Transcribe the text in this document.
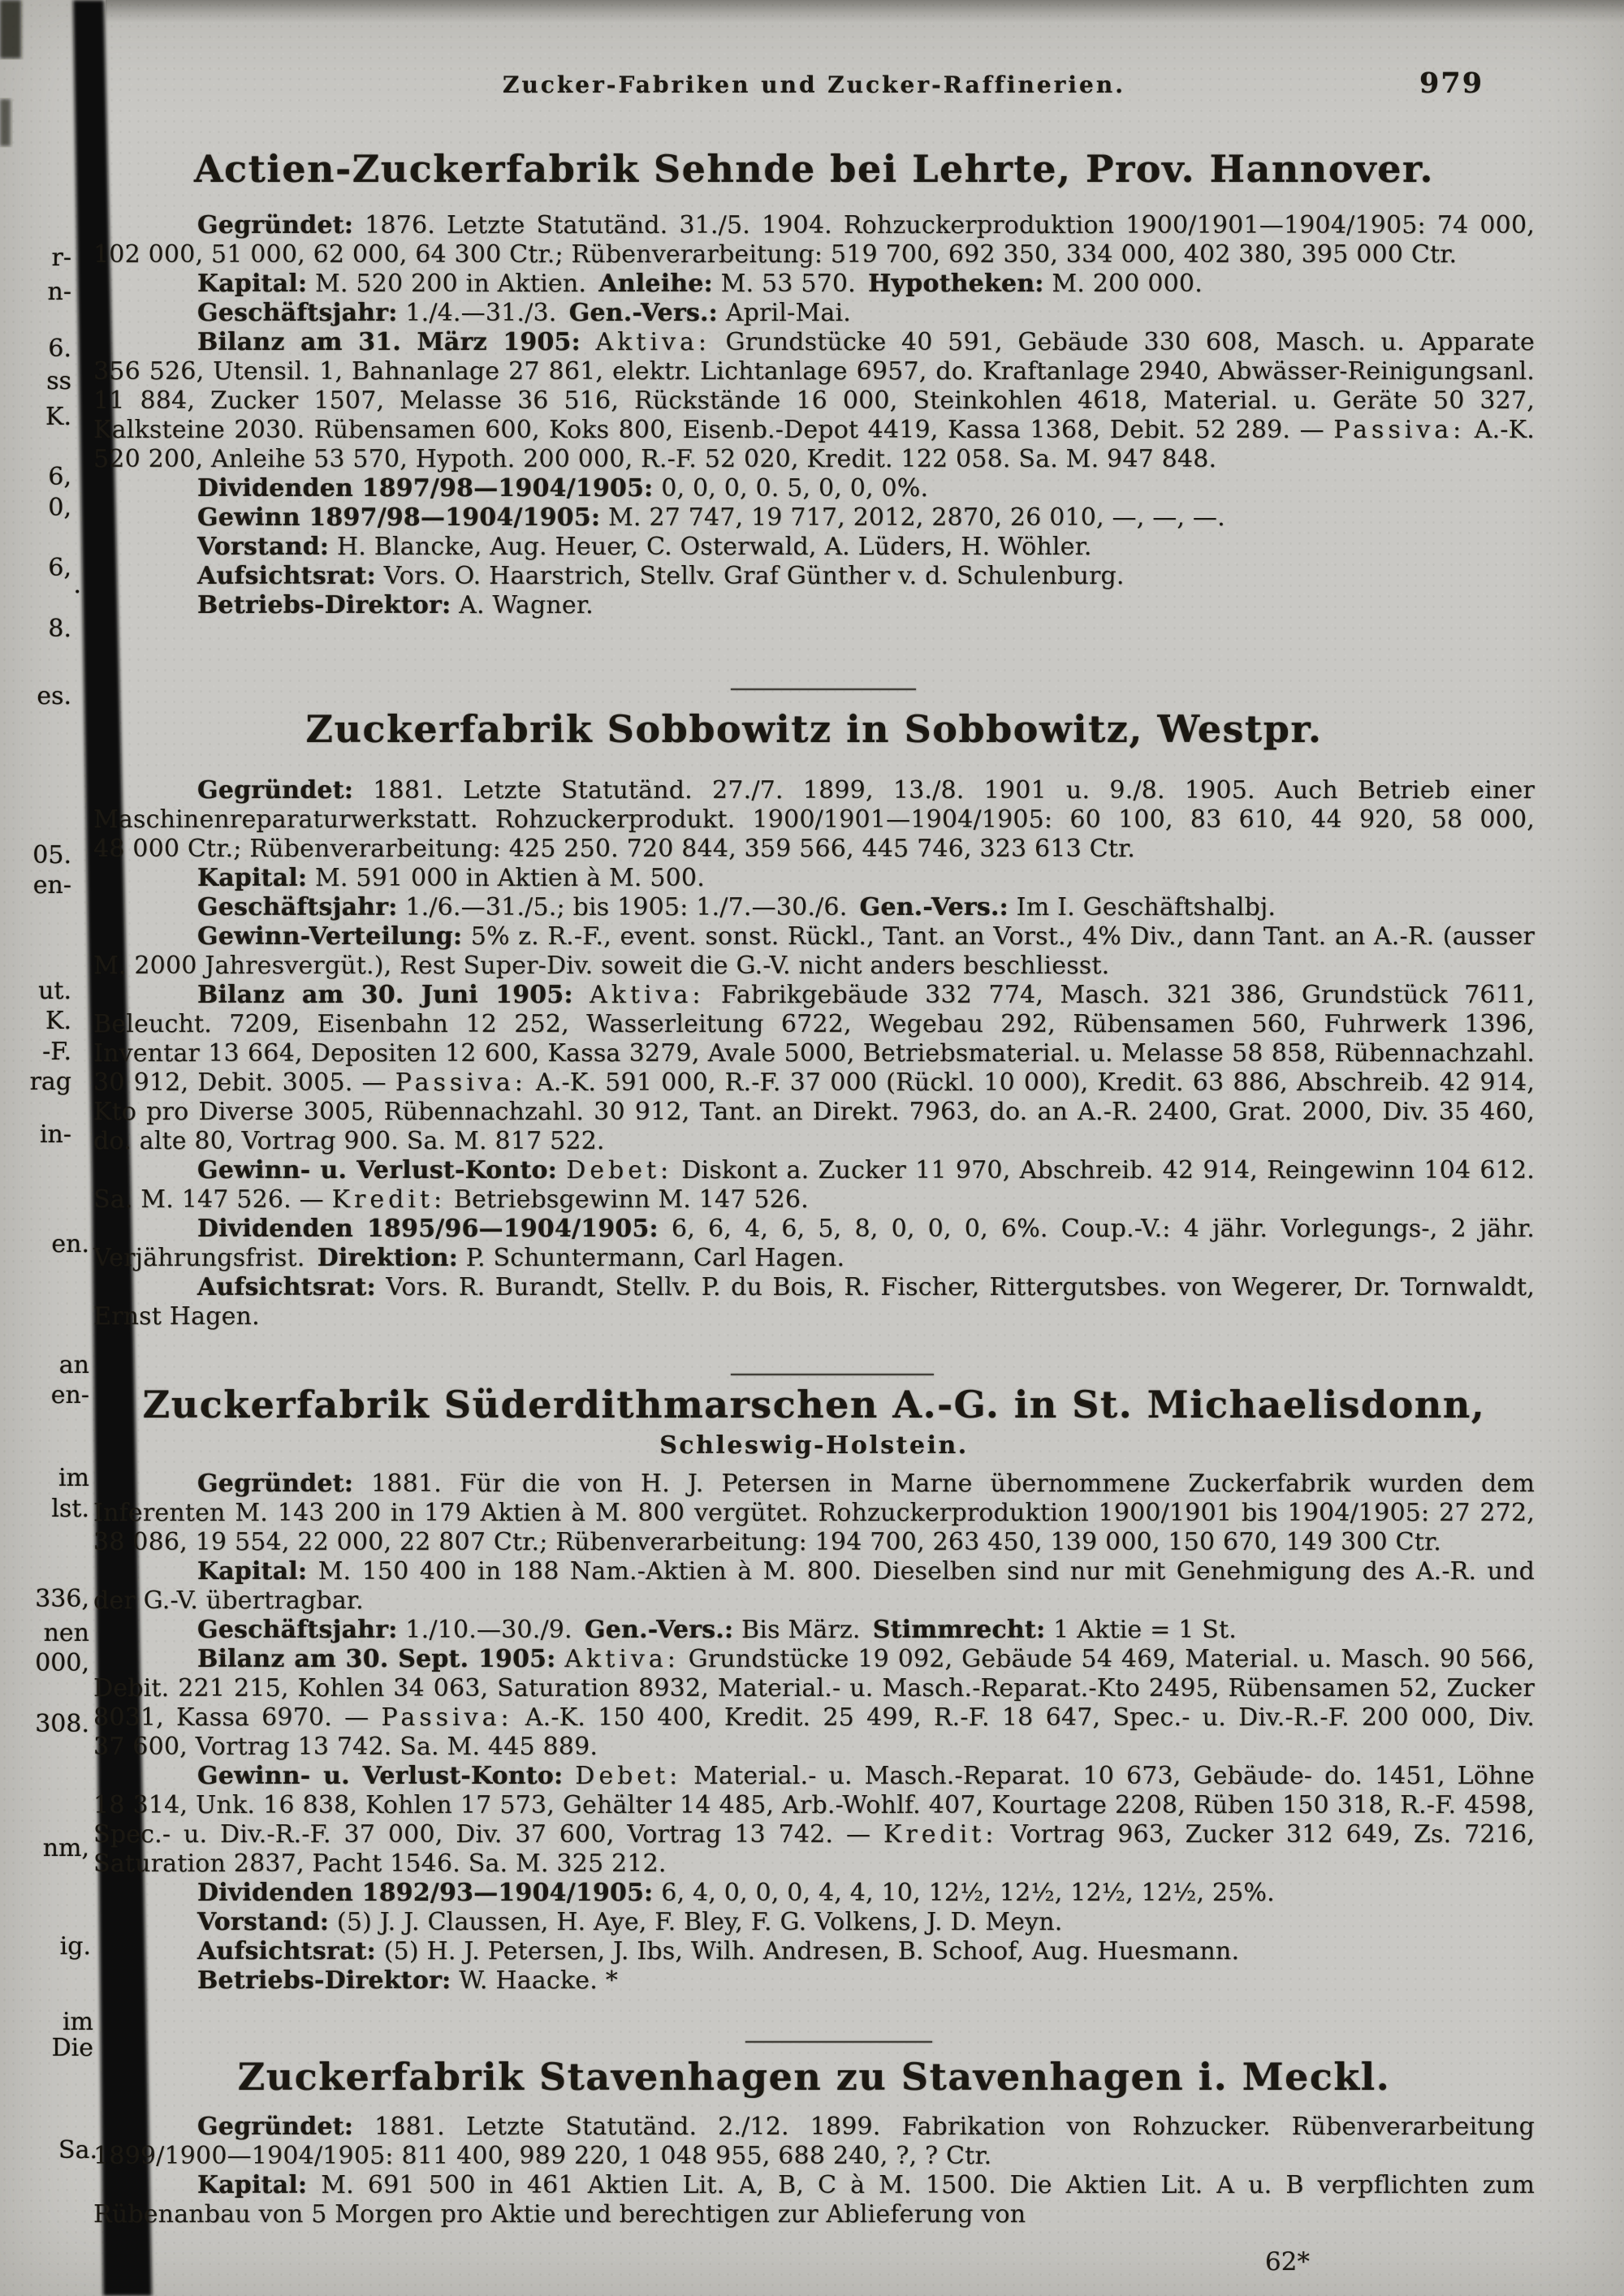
Zucker-Fabriken und Zucker-Raffinerien.	979
r-
n-
6.
ss
K.
6,
0,
6,
·
8.
es.
05.
en-
ut.
K.
-F.
rag
in-
en.
an
en-
im
lst.
336,
nen
000,
308.
nm,
ig.
im
Die
Sa.
Actien-Zuckerfabrik Sehnde bei Lehrte, Prov. Hannover.

Gegründet: 1876. Letzte Statutänd. 31./5. 1904. Rohzuckerproduktion 1900/1901—1904/1905: 74 000, 102 000, 51 000, 62 000, 64 300 Ctr.; Rübenverarbeitung: 519 700, 692 350, 334 000, 402 380, 395 000 Ctr.

Kapital: M. 520 200 in Aktien. Anleihe: M. 53 570. Hypotheken: M. 200 000.

Geschäftsjahr: 1./4.—31./3. Gen.-Vers.: April-Mai.

Bilanz am 31. März 1905: Aktiva: Grundstücke 40 591, Gebäude 330 608, Masch. u. Apparate 356 526, Utensil. 1, Bahnanlage 27 861, elektr. Lichtanlage 6957, do. Kraftanlage 2940, Abwässer-Reinigungsanl. 11 884, Zucker 1507, Melasse 36 516, Rückstände 16 000, Steinkohlen 4618, Material. u. Geräte 50 327, Kalksteine 2030. Rübensamen 600, Koks 800, Eisenb.-Depot 4419, Kassa 1368, Debit. 52 289. — Passiva: A.-K. 520 200, Anleihe 53 570, Hypoth. 200 000, R.-F. 52 020, Kredit. 122 058. Sa. M. 947 848.

Dividenden 1897/98—1904/1905: 0, 0, 0, 0. 5, 0, 0, 0%.

Gewinn 1897/98—1904/1905: M. 27 747, 19 717, 2012, 2870, 26 010, —, —, —.

Vorstand: H. Blancke, Aug. Heuer, C. Osterwald, A. Lüders, H. Wöhler.

Aufsichtsrat: Vors. O. Haarstrich, Stellv. Graf Günther v. d. Schulenburg.

Betriebs-Direktor: A. Wagner.

Zuckerfabrik Sobbowitz in Sobbowitz, Westpr.

Gegründet: 1881. Letzte Statutänd. 27./7. 1899, 13./8. 1901 u. 9./8. 1905. Auch Betrieb einer Maschinenreparaturwerkstatt. Rohzuckerprodukt. 1900/1901—1904/1905: 60 100, 83 610, 44 920, 58 000, 48 000 Ctr.; Rübenverarbeitung: 425 250. 720 844, 359 566, 445 746, 323 613 Ctr.

Kapital: M. 591 000 in Aktien à M. 500.

Geschäftsjahr: 1./6.—31./5.; bis 1905: 1./7.—30./6. Gen.-Vers.: Im I. Geschäftshalbj.

Gewinn-Verteilung: 5% z. R.-F., event. sonst. Rückl., Tant. an Vorst., 4% Div., dann Tant. an A.-R. (ausser M. 2000 Jahresvergüt.), Rest Super-Div. soweit die G.-V. nicht anders beschliesst.

Bilanz am 30. Juni 1905: Aktiva: Fabrikgebäude 332 774, Masch. 321 386, Grundstück 7611, Beleucht. 7209, Eisenbahn 12 252, Wasserleitung 6722, Wegebau 292, Rübensamen 560, Fuhrwerk 1396, Inventar 13 664, Depositen 12 600, Kassa 3279, Avale 5000, Betriebsmaterial. u. Melasse 58 858, Rübennachzahl. 30 912, Debit. 3005. — Passiva: A.-K. 591 000, R.-F. 37 000 (Rückl. 10 000), Kredit. 63 886, Abschreib. 42 914, Kto pro Diverse 3005, Rübennachzahl. 30 912, Tant. an Direkt. 7963, do. an A.-R. 2400, Grat. 2000, Div. 35 460, do. alte 80, Vortrag 900. Sa. M. 817 522.

Gewinn- u. Verlust-Konto: Debet: Diskont a. Zucker 11 970, Abschreib. 42 914, Reingewinn 104 612. Sa. M. 147 526. — Kredit: Betriebsgewinn M. 147 526.

Dividenden 1895/96—1904/1905: 6, 6, 4, 6, 5, 8, 0, 0, 0, 6%. Coup.-V.: 4 jähr. Vorlegungs-, 2 jähr. Verjährungsfrist. Direktion: P. Schuntermann, Carl Hagen.

Aufsichtsrat: Vors. R. Burandt, Stellv. P. du Bois, R. Fischer, Rittergutsbes. von Wegerer, Dr. Tornwaldt, Ernst Hagen.

Zuckerfabrik Süderdithmarschen A.-G. in St. Michaelisdonn,
Schleswig-Holstein.

Gegründet: 1881. Für die von H. J. Petersen in Marne übernommene Zuckerfabrik wurden dem Inferenten M. 143 200 in 179 Aktien à M. 800 vergütet. Rohzuckerproduktion 1900/1901 bis 1904/1905: 27 272, 38 086, 19 554, 22 000, 22 807 Ctr.; Rübenverarbeitung: 194 700, 263 450, 139 000, 150 670, 149 300 Ctr.

Kapital: M. 150 400 in 188 Nam.-Aktien à M. 800. Dieselben sind nur mit Genehmigung des A.-R. und der G.-V. übertragbar.

Geschäftsjahr: 1./10.—30./9. Gen.-Vers.: Bis März. Stimmrecht: 1 Aktie = 1 St.

Bilanz am 30. Sept. 1905: Aktiva: Grundstücke 19 092, Gebäude 54 469, Material. u. Masch. 90 566, Debit. 221 215, Kohlen 34 063, Saturation 8932, Material.- u. Masch.-Reparat.-Kto 2495, Rübensamen 52, Zucker 8031, Kassa 6970. — Passiva: A.-K. 150 400, Kredit. 25 499, R.-F. 18 647, Spec.- u. Div.-R.-F. 200 000, Div. 37 600, Vortrag 13 742. Sa. M. 445 889.

Gewinn- u. Verlust-Konto: Debet: Material.- u. Masch.-Reparat. 10 673, Gebäude- do. 1451, Löhne 18 314, Unk. 16 838, Kohlen 17 573, Gehälter 14 485, Arb.-Wohlf. 407, Kourtage 2208, Rüben 150 318, R.-F. 4598, Spec.- u. Div.-R.-F. 37 000, Div. 37 600, Vortrag 13 742. — Kredit: Vortrag 963, Zucker 312 649, Zs. 7216, Saturation 2837, Pacht 1546. Sa. M. 325 212.

Dividenden 1892/93—1904/1905: 6, 4, 0, 0, 0, 4, 4, 10, 12½, 12½, 12½, 12½, 25%.

Vorstand: (5) J. J. Claussen, H. Aye, F. Bley, F. G. Volkens, J. D. Meyn.

Aufsichtsrat: (5) H. J. Petersen, J. Ibs, Wilh. Andresen, B. Schoof, Aug. Huesmann.

Betriebs-Direktor: W. Haacke. *

Zuckerfabrik Stavenhagen zu Stavenhagen i. Meckl.

Gegründet: 1881. Letzte Statutänd. 2./12. 1899. Fabrikation von Rohzucker. Rübenverarbeitung 1899/1900—1904/1905: 811 400, 989 220, 1 048 955, 688 240, ?, ? Ctr.

Kapital: M. 691 500 in 461 Aktien Lit. A, B, C à M. 1500. Die Aktien Lit. A u. B verpflichten zum Rübenanbau von 5 Morgen pro Aktie und berechtigen zur Ablieferung von

62*
